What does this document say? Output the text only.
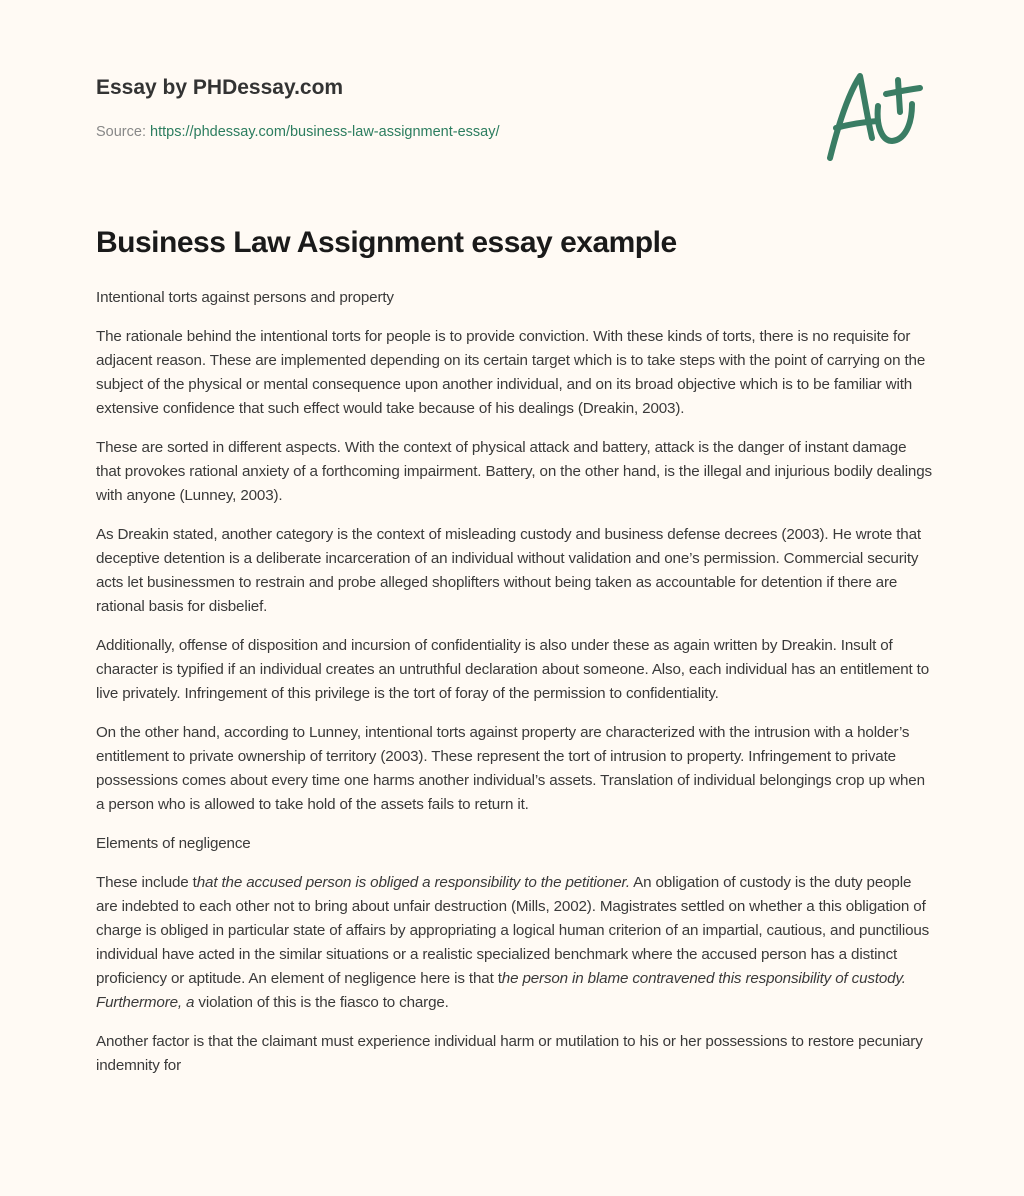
Essay by PHDessay.com

Source: https://phdessay.com/business-law-assignment-essay/

Business Law Assignment essay example

Intentional torts against persons and property

The rationale behind the intentional torts for people is to provide conviction. With these kinds of torts, there is no requisite for adjacent reason. These are implemented depending on its certain target which is to take steps with the point of carrying on the subject of the physical or mental consequence upon another individual, and on its broad objective which is to be familiar with extensive confidence that such effect would take because of his dealings (Dreakin, 2003).

These are sorted in different aspects. With the context of physical attack and battery, attack is the danger of instant damage that provokes rational anxiety of a forthcoming impairment. Battery, on the other hand, is the illegal and injurious bodily dealings with anyone (Lunney, 2003).

As Dreakin stated, another category is the context of misleading custody and business defense decrees (2003). He wrote that deceptive detention is a deliberate incarceration of an individual without validation and one’s permission. Commercial security acts let businessmen to restrain and probe alleged shoplifters without being taken as accountable for detention if there are rational basis for disbelief.

Additionally, offense of disposition and incursion of confidentiality is also under these as again written by Dreakin. Insult of character is typified if an individual creates an untruthful declaration about someone. Also, each individual has an entitlement to live privately. Infringement of this privilege is the tort of foray of the permission to confidentiality.

On the other hand, according to Lunney, intentional torts against property are characterized with the intrusion with a holder’s entitlement to private ownership of territory (2003). These represent the tort of intrusion to property. Infringement to private possessions comes about every time one harms another individual’s assets. Translation of individual belongings crop up when a person who is allowed to take hold of the assets fails to return it.

Elements of negligence

These include that the accused person is obliged a responsibility to the petitioner. An obligation of custody is the duty people are indebted to each other not to bring about unfair destruction (Mills, 2002). Magistrates settled on whether a this obligation of charge is obliged in particular state of affairs by appropriating a logical human criterion of an impartial, cautious, and punctilious individual have acted in the similar situations or a realistic specialized benchmark where the accused person has a distinct proficiency or aptitude. An element of negligence here is that the person in blame contravened this responsibility of custody. Furthermore, a violation of this is the fiasco to charge.

Another factor is that the claimant must experience individual harm or mutilation to his or her possessions to restore pecuniary indemnity for
